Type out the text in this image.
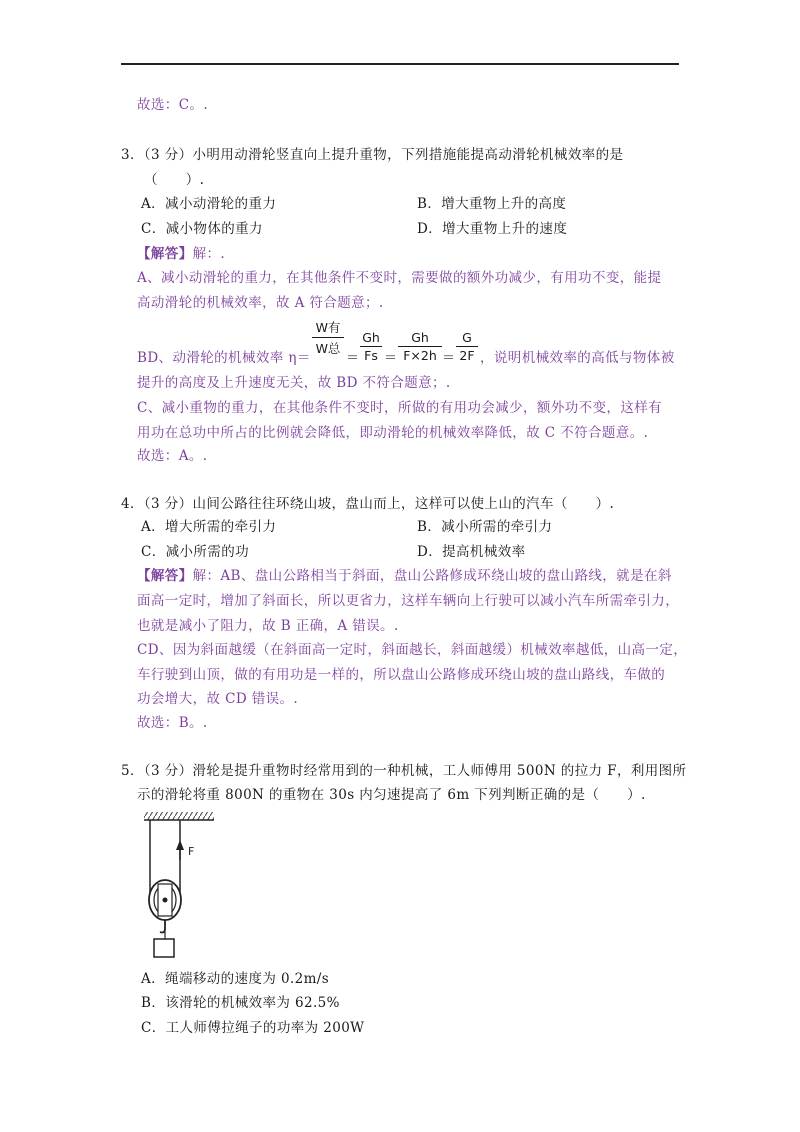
故选：C。.
3．（3 分）小明用动滑轮竖直向上提升重物，下列措施能提高动滑轮机械效率的是
（　　）.
A．减小动滑轮的重力	B．增大重物上升的高度
C．减小物体的重力	D．增大重物上升的速度
【解答】解：.
A、减小动滑轮的重力，在其他条件不变时，需要做的额外功减少，有用功不变，能提
高动滑轮的机械效率，故 A 符合题意；.
BD、动滑轮的机械效率 η＝
W有
W总
＝ $\frac{Gh}{Fs} = \frac{Gh}{F\times 2h} = \frac{G}{2F}$ ，说明机械效率的高低与物体被
提升的高度及上升速度无关，故 BD 不符合题意；.
C、减小重物的重力，在其他条件不变时，所做的有用功会减少，额外功不变，这样有
用功在总功中所占的比例就会降低，即动滑轮的机械效率降低，故 C 不符合题意。.
故选：A。.
4．（3 分）山间公路往往环绕山坡，盘山而上，这样可以使上山的汽车（　　）.
A．增大所需的牵引力	B．减小所需的牵引力
C．减小所需的功	D．提高机械效率
【解答】解：AB、盘山公路相当于斜面，盘山公路修成环绕山坡的盘山路线，就是在斜
面高一定时，增加了斜面长，所以更省力，这样车辆向上行驶可以减小汽车所需牵引力，
也就是减小了阻力，故 B 正确，A 错误。.
CD、因为斜面越缓（在斜面高一定时，斜面越长，斜面越缓）机械效率越低，山高一定，
车行驶到山顶，做的有用功是一样的，所以盘山公路修成环绕山坡的盘山路线，车做的
功会增大，故 CD 错误。.
故选：B。.
5．（3 分）滑轮是提升重物时经常用到的一种机械，工人师傅用 500N 的拉力 F，利用图所
示的滑轮将重 800N 的重物在 30s 内匀速提高了 6m 下列判断正确的是（　　）.
F
A．绳端移动的速度为 0.2m/s
B．该滑轮的机械效率为 62.5%
C．工人师傅拉绳子的功率为 200W
